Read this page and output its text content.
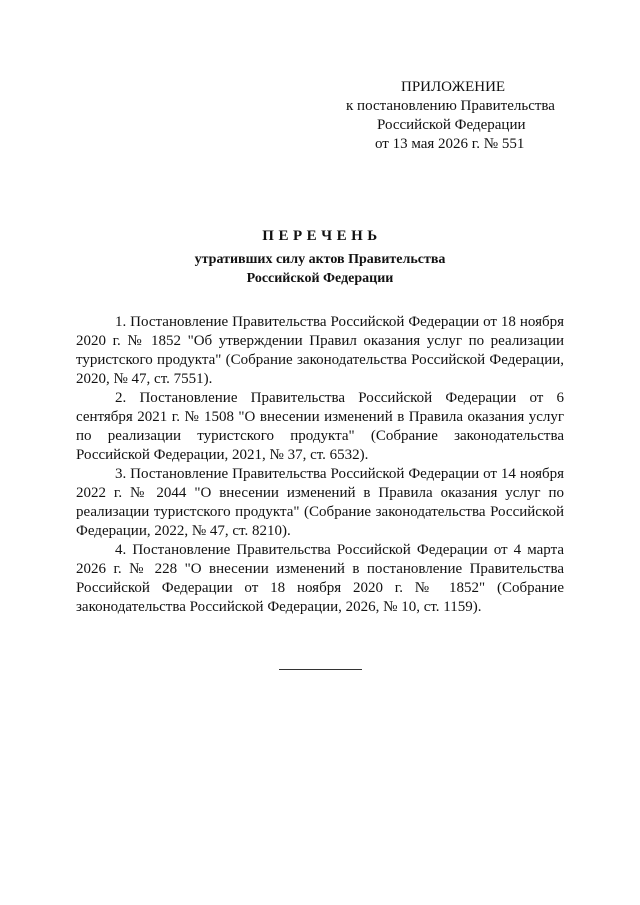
ПРИЛОЖЕНИЕ
к постановлению Правительства
Российской Федерации
от 13 мая 2026 г. № 551
ПЕРЕЧЕНЬ
утративших силу актов Правительства
Российской Федерации

1. Постановление Правительства Российской Федерации от 18 ноября 2020 г. № 1852 "Об утверждении Правил оказания услуг по реализации туристского продукта" (Собрание законодательства Российской Федерации, 2020, № 47, ст. 7551).

2. Постановление Правительства Российской Федерации от 6 сентября 2021 г. № 1508 "О внесении изменений в Правила оказания услуг по реализации туристского продукта" (Собрание законодательства Российской Федерации, 2021, № 37, ст. 6532).

3. Постановление Правительства Российской Федерации от 14 ноября 2022 г. № 2044 "О внесении изменений в Правила оказания услуг по реализации туристского продукта" (Собрание законодательства Российской Федерации, 2022, № 47, ст. 8210).

4. Постановление Правительства Российской Федерации от 4 марта 2026 г. № 228 "О внесении изменений в постановление Правительства Российской Федерации от 18 ноября 2020 г. № 1852" (Собрание законодательства Российской Федерации, 2026, № 10, ст. 1159).
